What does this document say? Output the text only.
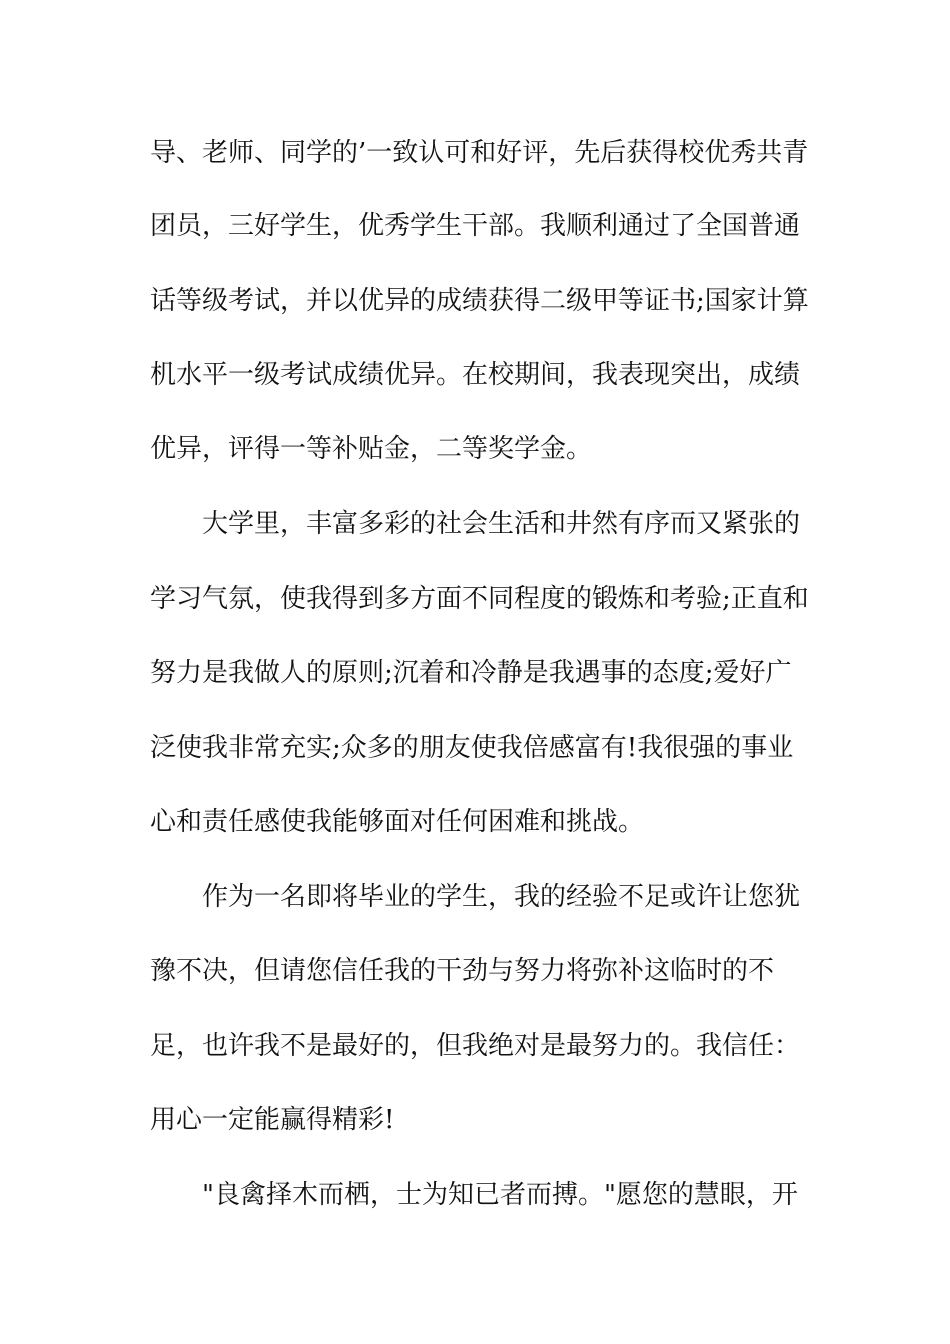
导、老师、同学的’一致认可和好评，先后获得校优秀共青
团员，三好学生，优秀学生干部。我顺利通过了全国普通
话等级考试，并以优异的成绩获得二级甲等证书;国家计算
机水平一级考试成绩优异。在校期间，我表现突出，成绩
优异，评得一等补贴金，二等奖学金。
大学里，丰富多彩的社会生活和井然有序而又紧张的
学习气氛，使我得到多方面不同程度的锻炼和考验;正直和
努力是我做人的原则;沉着和冷静是我遇事的态度;爱好广
泛使我非常充实;众多的朋友使我倍感富有!我很强的事业
心和责任感使我能够面对任何困难和挑战。
作为一名即将毕业的学生，我的经验不足或许让您犹
豫不决，但请您信任我的干劲与努力将弥补这临时的不
足，也许我不是最好的，但我绝对是最努力的。我信任：
用心一定能赢得精彩!
"良禽择木而栖，士为知已者而搏。"愿您的慧眼，开
